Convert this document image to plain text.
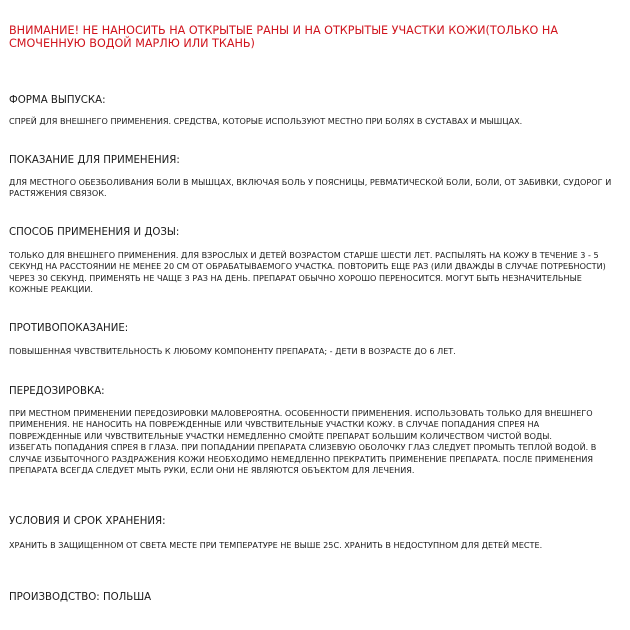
ВНИМАНИЕ! НЕ НАНОСИТЬ НА ОТКРЫТЫЕ РАНЫ И НА ОТКРЫТЫЕ УЧАСТКИ КОЖИ(ТОЛЬКО НА СМОЧЕННУЮ ВОДОЙ МАРЛЮ ИЛИ ТКАНЬ)
ФОРМА ВЫПУСКА:

СПРЕЙ ДЛЯ ВНЕШНЕГО ПРИМЕНЕНИЯ. СРЕДСТВА, КОТОРЫЕ ИСПОЛЬЗУЮТ МЕСТНО ПРИ БОЛЯХ В СУСТАВАХ И МЫШЦАХ.

ПОКАЗАНИЕ ДЛЯ ПРИМЕНЕНИЯ:

ДЛЯ МЕСТНОГО ОБЕЗБОЛИВАНИЯ БОЛИ В МЫШЦАХ, ВКЛЮЧАЯ БОЛЬ У ПОЯСНИЦЫ, РЕВМАТИЧЕСКОЙ БОЛИ, БОЛИ, ОТ ЗАБИВКИ, СУДОРОГ И РАСТЯЖЕНИЯ СВЯЗОК.

СПОСОБ ПРИМЕНЕНИЯ И ДОЗЫ:

ТОЛЬКО ДЛЯ ВНЕШНЕГО ПРИМЕНЕНИЯ. ДЛЯ ВЗРОСЛЫХ И ДЕТЕЙ ВОЗРАСТОМ СТАРШЕ ШЕСТИ ЛЕТ. РАСПЫЛЯТЬ НА КОЖУ В ТЕЧЕНИЕ 3 - 5 СЕКУНД НА РАССТОЯНИИ НЕ МЕНЕЕ 20 СМ ОТ ОБРАБАТЫВАЕМОГО УЧАСТКА. ПОВТОРИТЬ ЕЩЕ РАЗ (ИЛИ ДВАЖДЫ В СЛУЧАЕ ПОТРЕБНОСТИ) ЧЕРЕЗ 30 СЕКУНД. ПРИМЕНЯТЬ НЕ ЧАЩЕ 3 РАЗ НА ДЕНЬ. ПРЕПАРАТ ОБЫЧНО ХОРОШО ПЕРЕНОСИТСЯ. МОГУТ БЫТЬ НЕЗНАЧИТЕЛЬНЫЕ КОЖНЫЕ РЕАКЦИИ.

ПРОТИВОПОКАЗАНИЕ:

ПОВЫШЕННАЯ ЧУВСТВИТЕЛЬНОСТЬ К ЛЮБОМУ КОМПОНЕНТУ ПРЕПАРАТА; - ДЕТИ В ВОЗРАСТЕ ДО 6 ЛЕТ.

ПЕРЕДОЗИРОВКА:

ПРИ МЕСТНОМ ПРИМЕНЕНИИ ПЕРЕДОЗИРОВКИ МАЛОВЕРОЯТНА. ОСОБЕННОСТИ ПРИМЕНЕНИЯ. ИСПОЛЬЗОВАТЬ ТОЛЬКО ДЛЯ ВНЕШНЕГО ПРИМЕНЕНИЯ. НЕ НАНОСИТЬ НА ПОВРЕЖДЕННЫЕ ИЛИ ЧУВСТВИТЕЛЬНЫЕ УЧАСТКИ КОЖУ. В СЛУЧАЕ ПОПАДАНИЯ СПРЕЯ НА ПОВРЕЖДЕННЫЕ ИЛИ ЧУВСТВИТЕЛЬНЫЕ УЧАСТКИ НЕМЕДЛЕННО СМОЙТЕ ПРЕПАРАТ БОЛЬШИМ КОЛИЧЕСТВОМ ЧИСТОЙ ВОДЫ.

ИЗБЕГАТЬ ПОПАДАНИЯ СПРЕЯ В ГЛАЗА. ПРИ ПОПАДАНИИ ПРЕПАРАТА СЛИЗЕВУЮ ОБОЛОЧКУ ГЛАЗ СЛЕДУЕТ ПРОМЫТЬ ТЕПЛОЙ ВОДОЙ. В СЛУЧАЕ ИЗБЫТОЧНОГО РАЗДРАЖЕНИЯ КОЖИ НЕОБХОДИМО НЕМЕДЛЕННО ПРЕКРАТИТЬ ПРИМЕНЕНИЕ ПРЕПАРАТА. ПОСЛЕ ПРИМЕНЕНИЯ ПРЕПАРАТА ВСЕГДА СЛЕДУЕТ МЫТЬ РУКИ, ЕСЛИ ОНИ НЕ ЯВЛЯЮТСЯ ОБЪЕКТОМ ДЛЯ ЛЕЧЕНИЯ.

УСЛОВИЯ И СРОК ХРАНЕНИЯ:

ХРАНИТЬ В ЗАЩИЩЕННОМ ОТ СВЕТА МЕСТЕ ПРИ ТЕМПЕРАТУРЕ НЕ ВЫШЕ 25С. ХРАНИТЬ В НЕДОСТУПНОМ ДЛЯ ДЕТЕЙ МЕСТЕ.

ПРОИЗВОДСТВО: ПОЛЬША
